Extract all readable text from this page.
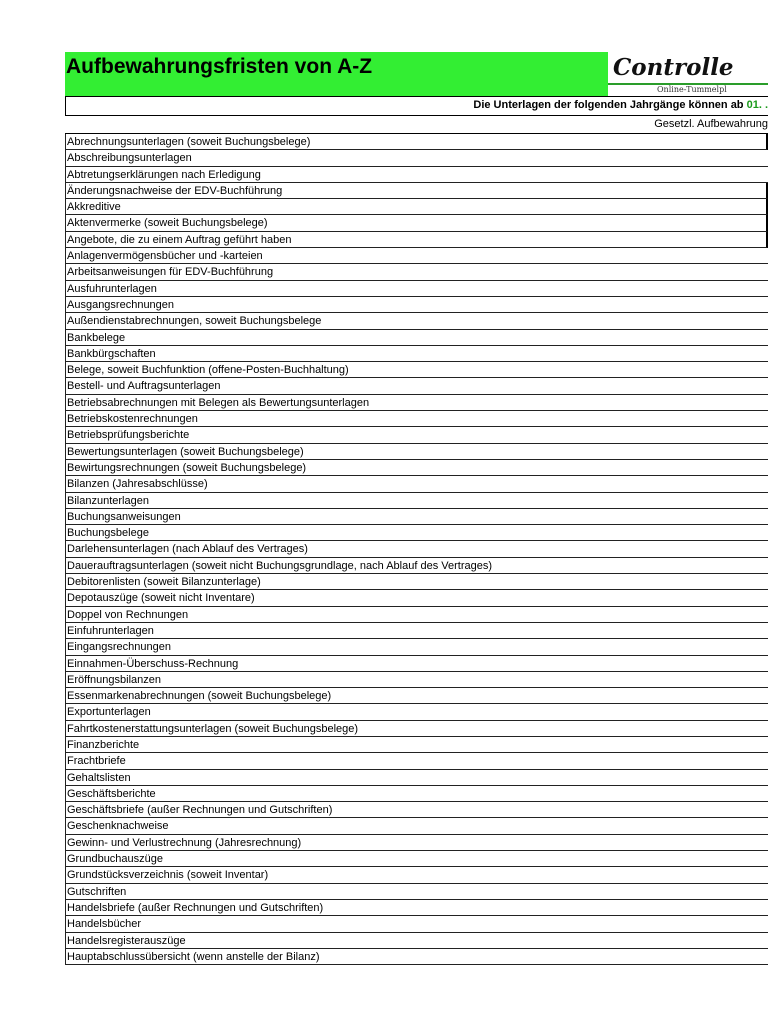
Aufbewahrungsfristen von A-Z	Controlle
Online-Tummelpl
Die Unterlagen der folgenden Jahrgänge können ab 01. .
Gesetzl. Aufbewahrung
Abrechnungsunterlagen (soweit Buchungsbelege)
Abschreibungsunterlagen
Abtretungserklärungen nach Erledigung
Änderungsnachweise der EDV-Buchführung
Akkreditive
Aktenvermerke (soweit Buchungsbelege)
Angebote, die zu einem Auftrag geführt haben
Anlagenvermögensbücher und -karteien
Arbeitsanweisungen für EDV-Buchführung
Ausfuhrunterlagen
Ausgangsrechnungen
Außendienstabrechnungen, soweit Buchungsbelege
Bankbelege
Bankbürgschaften
Belege, soweit Buchfunktion (offene-Posten-Buchhaltung)
Bestell- und Auftragsunterlagen
Betriebsabrechnungen mit Belegen als Bewertungsunterlagen
Betriebskostenrechnungen
Betriebsprüfungsberichte
Bewertungsunterlagen (soweit Buchungsbelege)
Bewirtungsrechnungen (soweit Buchungsbelege)
Bilanzen (Jahresabschlüsse)
Bilanzunterlagen
Buchungsanweisungen
Buchungsbelege
Darlehensunterlagen (nach Ablauf des Vertrages)
Dauerauftragsunterlagen (soweit nicht Buchungsgrundlage, nach Ablauf des Vertrages)
Debitorenlisten (soweit Bilanzunterlage)
Depotauszüge (soweit nicht Inventare)
Doppel von Rechnungen
Einfuhrunterlagen
Eingangsrechnungen
Einnahmen-Überschuss-Rechnung
Eröffnungsbilanzen
Essenmarkenabrechnungen (soweit Buchungsbelege)
Exportunterlagen
Fahrtkostenerstattungsunterlagen (soweit Buchungsbelege)
Finanzberichte
Frachtbriefe
Gehaltslisten
Geschäftsberichte
Geschäftsbriefe (außer Rechnungen und Gutschriften)
Geschenknachweise
Gewinn- und Verlustrechnung (Jahresrechnung)
Grundbuchauszüge
Grundstücksverzeichnis (soweit Inventar)
Gutschriften
Handelsbriefe (außer Rechnungen und Gutschriften)
Handelsbücher
Handelsregisterauszüge
Hauptabschlussübersicht (wenn anstelle der Bilanz)
